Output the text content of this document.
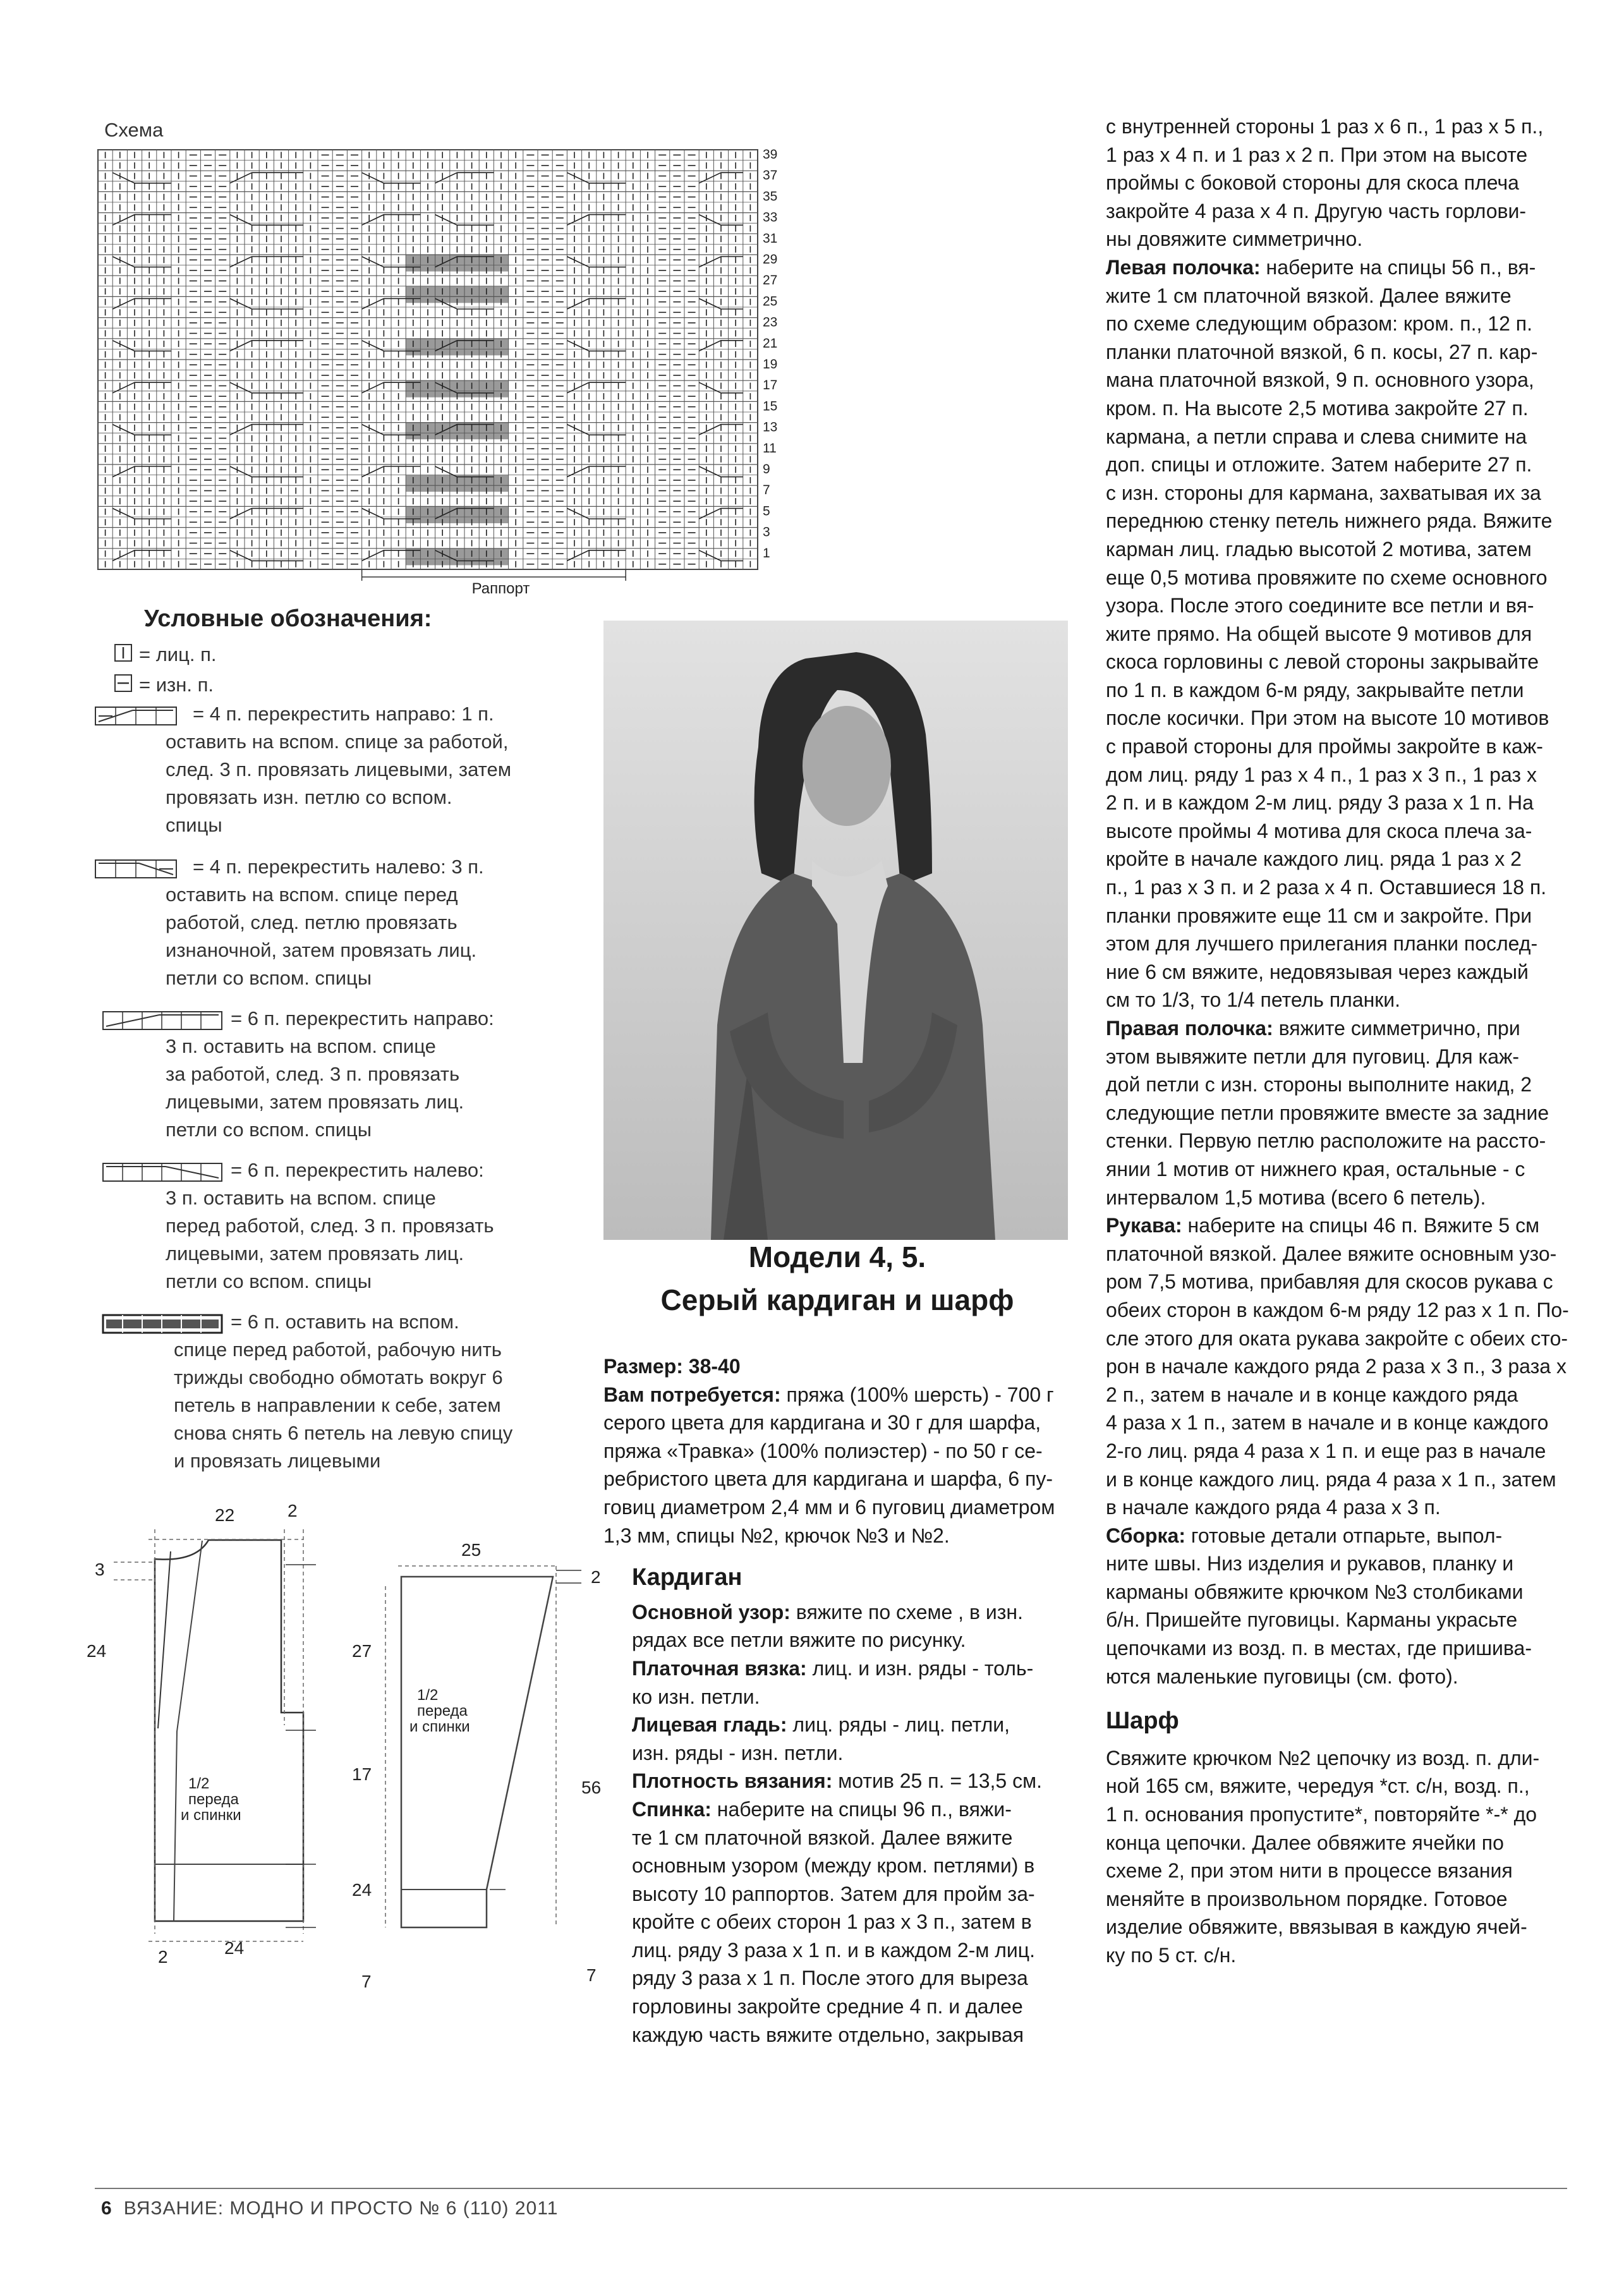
Схема
39
37
35
33
31
29
27
25
23
21
19
17
15
13
11
9
7
5
3
1
Раппорт
Условные обозначения:
= лиц. п.
= изн. п.
= 4 п. перекрестить направо: 1 п.
оставить на вспом. спице за работой,
след. 3 п. провязать лицевыми, затем
провязать изн. петлю со вспом.
спицы
= 4 п. перекрестить налево: 3 п.
оставить на вспом. спице перед
работой, след. петлю провязать
изнаночной, затем провязать лиц.
петли со вспом. спицы
= 6 п. перекрестить направо:
3 п. оставить на вспом. спице
за работой, след. 3 п. провязать
лицевыми, затем провязать лиц.
петли со вспом. спицы
= 6 п. перекрестить налево:
3 п. оставить на вспом. спице
перед работой, след. 3 п. провязать
лицевыми, затем провязать лиц.
петли со вспом. спицы
= 6 п. оставить на вспом.
спице перед работой, рабочую нить
трижды свободно обмотать вокруг 6
петель в направлении к себе, затем
снова снять 6 петель на левую спицу
и провязать лицевыми
22	2
3
24	27
17
24
7
2	24
1/2
переда
и спинки
25
2
56
7
1/2
переда
и спинки
Модели 4, 5.
Серый кардиган и шарф

Размер: 38-40

Вам потребуется: пряжа (100% шерсть) - 700 г

серого цвета для кардигана и 30 г для шарфа,

пряжа «Травка» (100% полиэстер) - по 50 г се-

ребристого цвета для кардигана и шарфа, 6 пу-

говиц диаметром 2,4 мм и 6 пуговиц диаметром

1,3 мм, спицы №2, крючок №3 и №2.

Кардиган

Основной узор: вяжите по схеме , в изн.

рядах все петли вяжите по рисунку.

Платочная вязка: лиц. и изн. ряды - толь-

ко изн. петли.

Лицевая гладь: лиц. ряды - лиц. петли,

изн. ряды - изн. петли.

Плотность вязания: мотив 25 п. = 13,5 см.

Спинка: наберите на спицы 96 п., вяжи-

те 1 см платочной вязкой. Далее вяжите

основным узором (между кром. петлями) в

высоту 10 раппортов. Затем для пройм за-

кройте с обеих сторон 1 раз х 3 п., затем в

лиц. ряду 3 раза х 1 п. и в каждом 2-м лиц.

ряду 3 раза х 1 п. После этого для выреза

горловины закройте средние 4 п. и далее

каждую часть вяжите отдельно, закрывая

с внутренней стороны 1 раз х 6 п., 1 раз х 5 п.,

1 раз х 4 п. и 1 раз х 2 п. При этом на высоте

проймы с боковой стороны для скоса плеча

закройте 4 раза х 4 п. Другую часть горлови-

ны довяжите симметрично.

Левая полочка: наберите на спицы 56 п., вя-

жите 1 см платочной вязкой. Далее вяжите

по схеме следующим образом: кром. п., 12 п.

планки платочной вязкой, 6 п. косы, 27 п. кар-

мана платочной вязкой, 9 п. основного узора,

кром. п. На высоте 2,5 мотива закройте 27 п.

кармана, а петли справа и слева снимите на

доп. спицы и отложите. Затем наберите 27 п.

с изн. стороны для кармана, захватывая их за

переднюю стенку петель нижнего ряда. Вяжите

карман лиц. гладью высотой 2 мотива, затем

еще 0,5 мотива провяжите по схеме основного

узора. После этого соедините все петли и вя-

жите прямо. На общей высоте 9 мотивов для

скоса горловины с левой стороны закрывайте

по 1 п. в каждом 6-м ряду, закрывайте петли

после косички. При этом на высоте 10 мотивов

с правой стороны для проймы закройте в каж-

дом лиц. ряду 1 раз х 4 п., 1 раз х 3 п., 1 раз х

2 п. и в каждом 2-м лиц. ряду 3 раза х 1 п. На

высоте проймы 4 мотива для скоса плеча за-

кройте в начале каждого лиц. ряда 1 раз х 2

п., 1 раз х 3 п. и 2 раза х 4 п. Оставшиеся 18 п.

планки провяжите еще 11 см и закройте. При

этом для лучшего прилегания планки послед-

ние 6 см вяжите, недовязывая через каждый

см то 1/3, то 1/4 петель планки.

Правая полочка: вяжите симметрично, при

этом вывяжите петли для пуговиц. Для каж-

дой петли с изн. стороны выполните накид, 2

следующие петли провяжите вместе за задние

стенки. Первую петлю расположите на рассто-

янии 1 мотив от нижнего края, остальные - с

интервалом 1,5 мотива (всего 6 петель).

Рукава: наберите на спицы 46 п. Вяжите 5 см

платочной вязкой. Далее вяжите основным узо-

ром 7,5 мотива, прибавляя для скосов рукава с

обеих сторон в каждом 6-м ряду 12 раз х 1 п. По-

сле этого для оката рукава закройте с обеих сто-

рон в начале каждого ряда 2 раза х 3 п., 3 раза х

2 п., затем в начале и в конце каждого ряда

4 раза х 1 п., затем в начале и в конце каждого

2-го лиц. ряда 4 раза х 1 п. и еще раз в начале

и в конце каждого лиц. ряда 4 раза х 1 п., затем

в начале каждого ряда 4 раза х 3 п.

Сборка: готовые детали отпарьте, выпол-

ните швы. Низ изделия и рукавов, планку и

карманы обвяжите крючком №3 столбиками

б/н. Пришейте пуговицы. Карманы украсьте

цепочками из возд. п. в местах, где пришива-

ются маленькие пуговицы (см. фото).

Шарф

Свяжите крючком №2 цепочку из возд. п. дли-

ной 165 см, вяжите, чередуя *ст. с/н, возд. п.,

1 п. основания пропустите*, повторяйте *-* до

конца цепочки. Далее обвяжите ячейки по

схеме 2, при этом нити в процессе вязания

меняйте в произвольном порядке. Готовое

изделие обвяжите, ввязывая в каждую ячей-

ку по 5 ст. с/н.

6 ВЯЗАНИЕ: МОДНО И ПРОСТО № 6 (110) 2011
